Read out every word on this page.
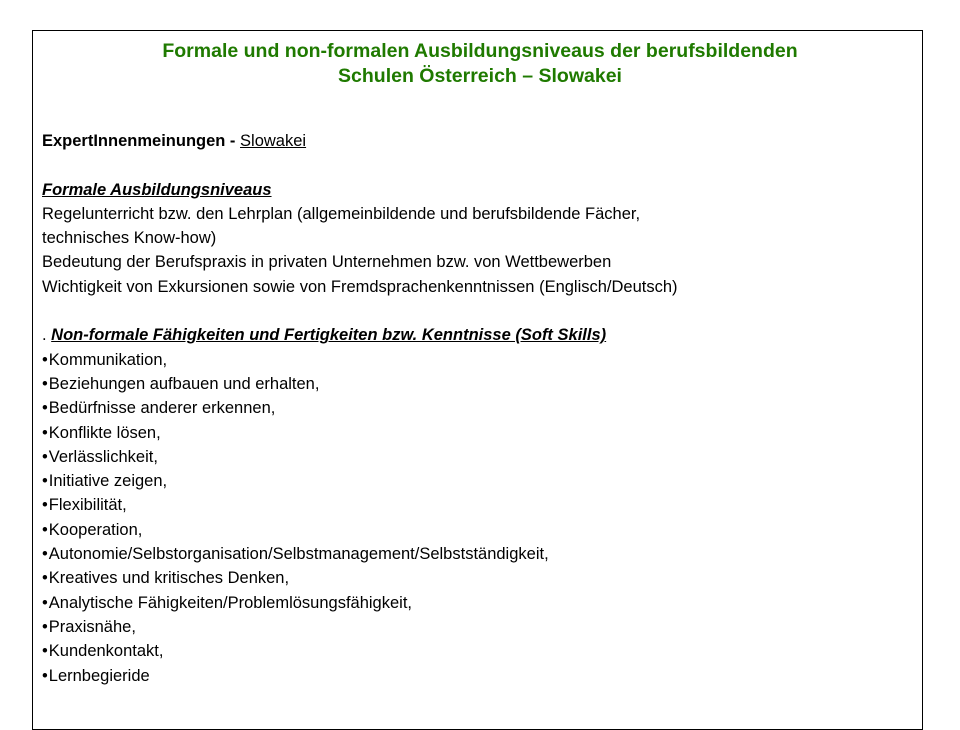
Formale und non-formalen Ausbildungsniveaus der berufsbildenden
Schulen Österreich – Slowakei

ExpertInnenmeinungen - Slowakei

Formale Ausbildungsniveaus

Regelunterricht bzw. den Lehrplan (allgemeinbildende und berufsbildende Fächer,

technisches Know-how)

Bedeutung der Berufspraxis in privaten Unternehmen bzw. von Wettbewerben

Wichtigkeit von Exkursionen sowie von Fremdsprachenkenntnissen (Englisch/Deutsch)

. Non-formale Fähigkeiten und Fertigkeiten bzw. Kenntnisse (Soft Skills)

•Kommunikation,
•Beziehungen aufbauen und erhalten,
•Bedürfnisse anderer erkennen,
•Konflikte lösen,
•Verlässlichkeit,
•Initiative zeigen,
•Flexibilität,
•Kooperation,
•Autonomie/Selbstorganisation/Selbstmanagement/Selbstständigkeit,
•Kreatives und kritisches Denken,
•Analytische Fähigkeiten/Problemlösungsfähigkeit,
•Praxisnähe,
•Kundenkontakt,
•Lernbegieride
